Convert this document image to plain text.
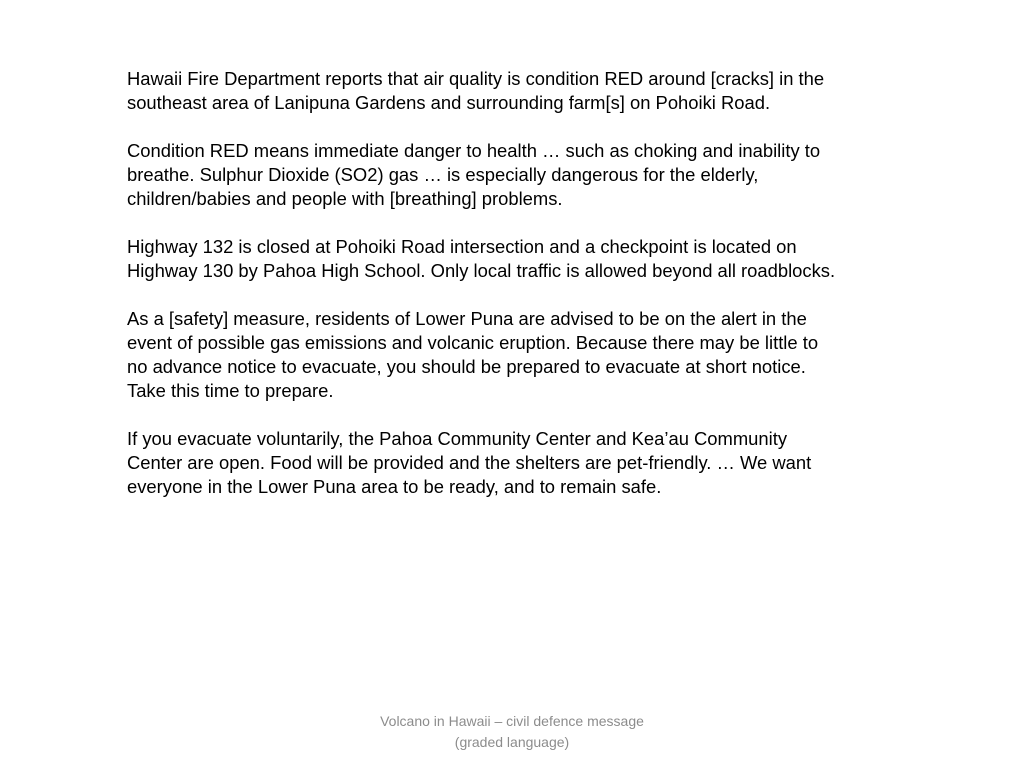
Hawaii Fire Department reports that air quality is condition RED around [cracks] in the
southeast area of Lanipuna Gardens and surrounding farm[s] on Pohoiki Road.

Condition RED means immediate danger to health … such as choking and inability to
breathe. Sulphur Dioxide (SO2) gas … is especially dangerous for the elderly,
children/babies and people with [breathing] problems.

Highway 132 is closed at Pohoiki Road intersection and a checkpoint is located on
Highway 130 by Pahoa High School. Only local traffic is allowed beyond all roadblocks.

As a [safety] measure, residents of Lower Puna are advised to be on the alert in the
event of possible gas emissions and volcanic eruption. Because there may be little to
no advance notice to evacuate, you should be prepared to evacuate at short notice.
Take this time to prepare.

If you evacuate voluntarily, the Pahoa Community Center and Kea’au Community
Center are open. Food will be provided and the shelters are pet-friendly. … We want
everyone in the Lower Puna area to be ready, and to remain safe.

Volcano in Hawaii – civil defence message
(graded language)
